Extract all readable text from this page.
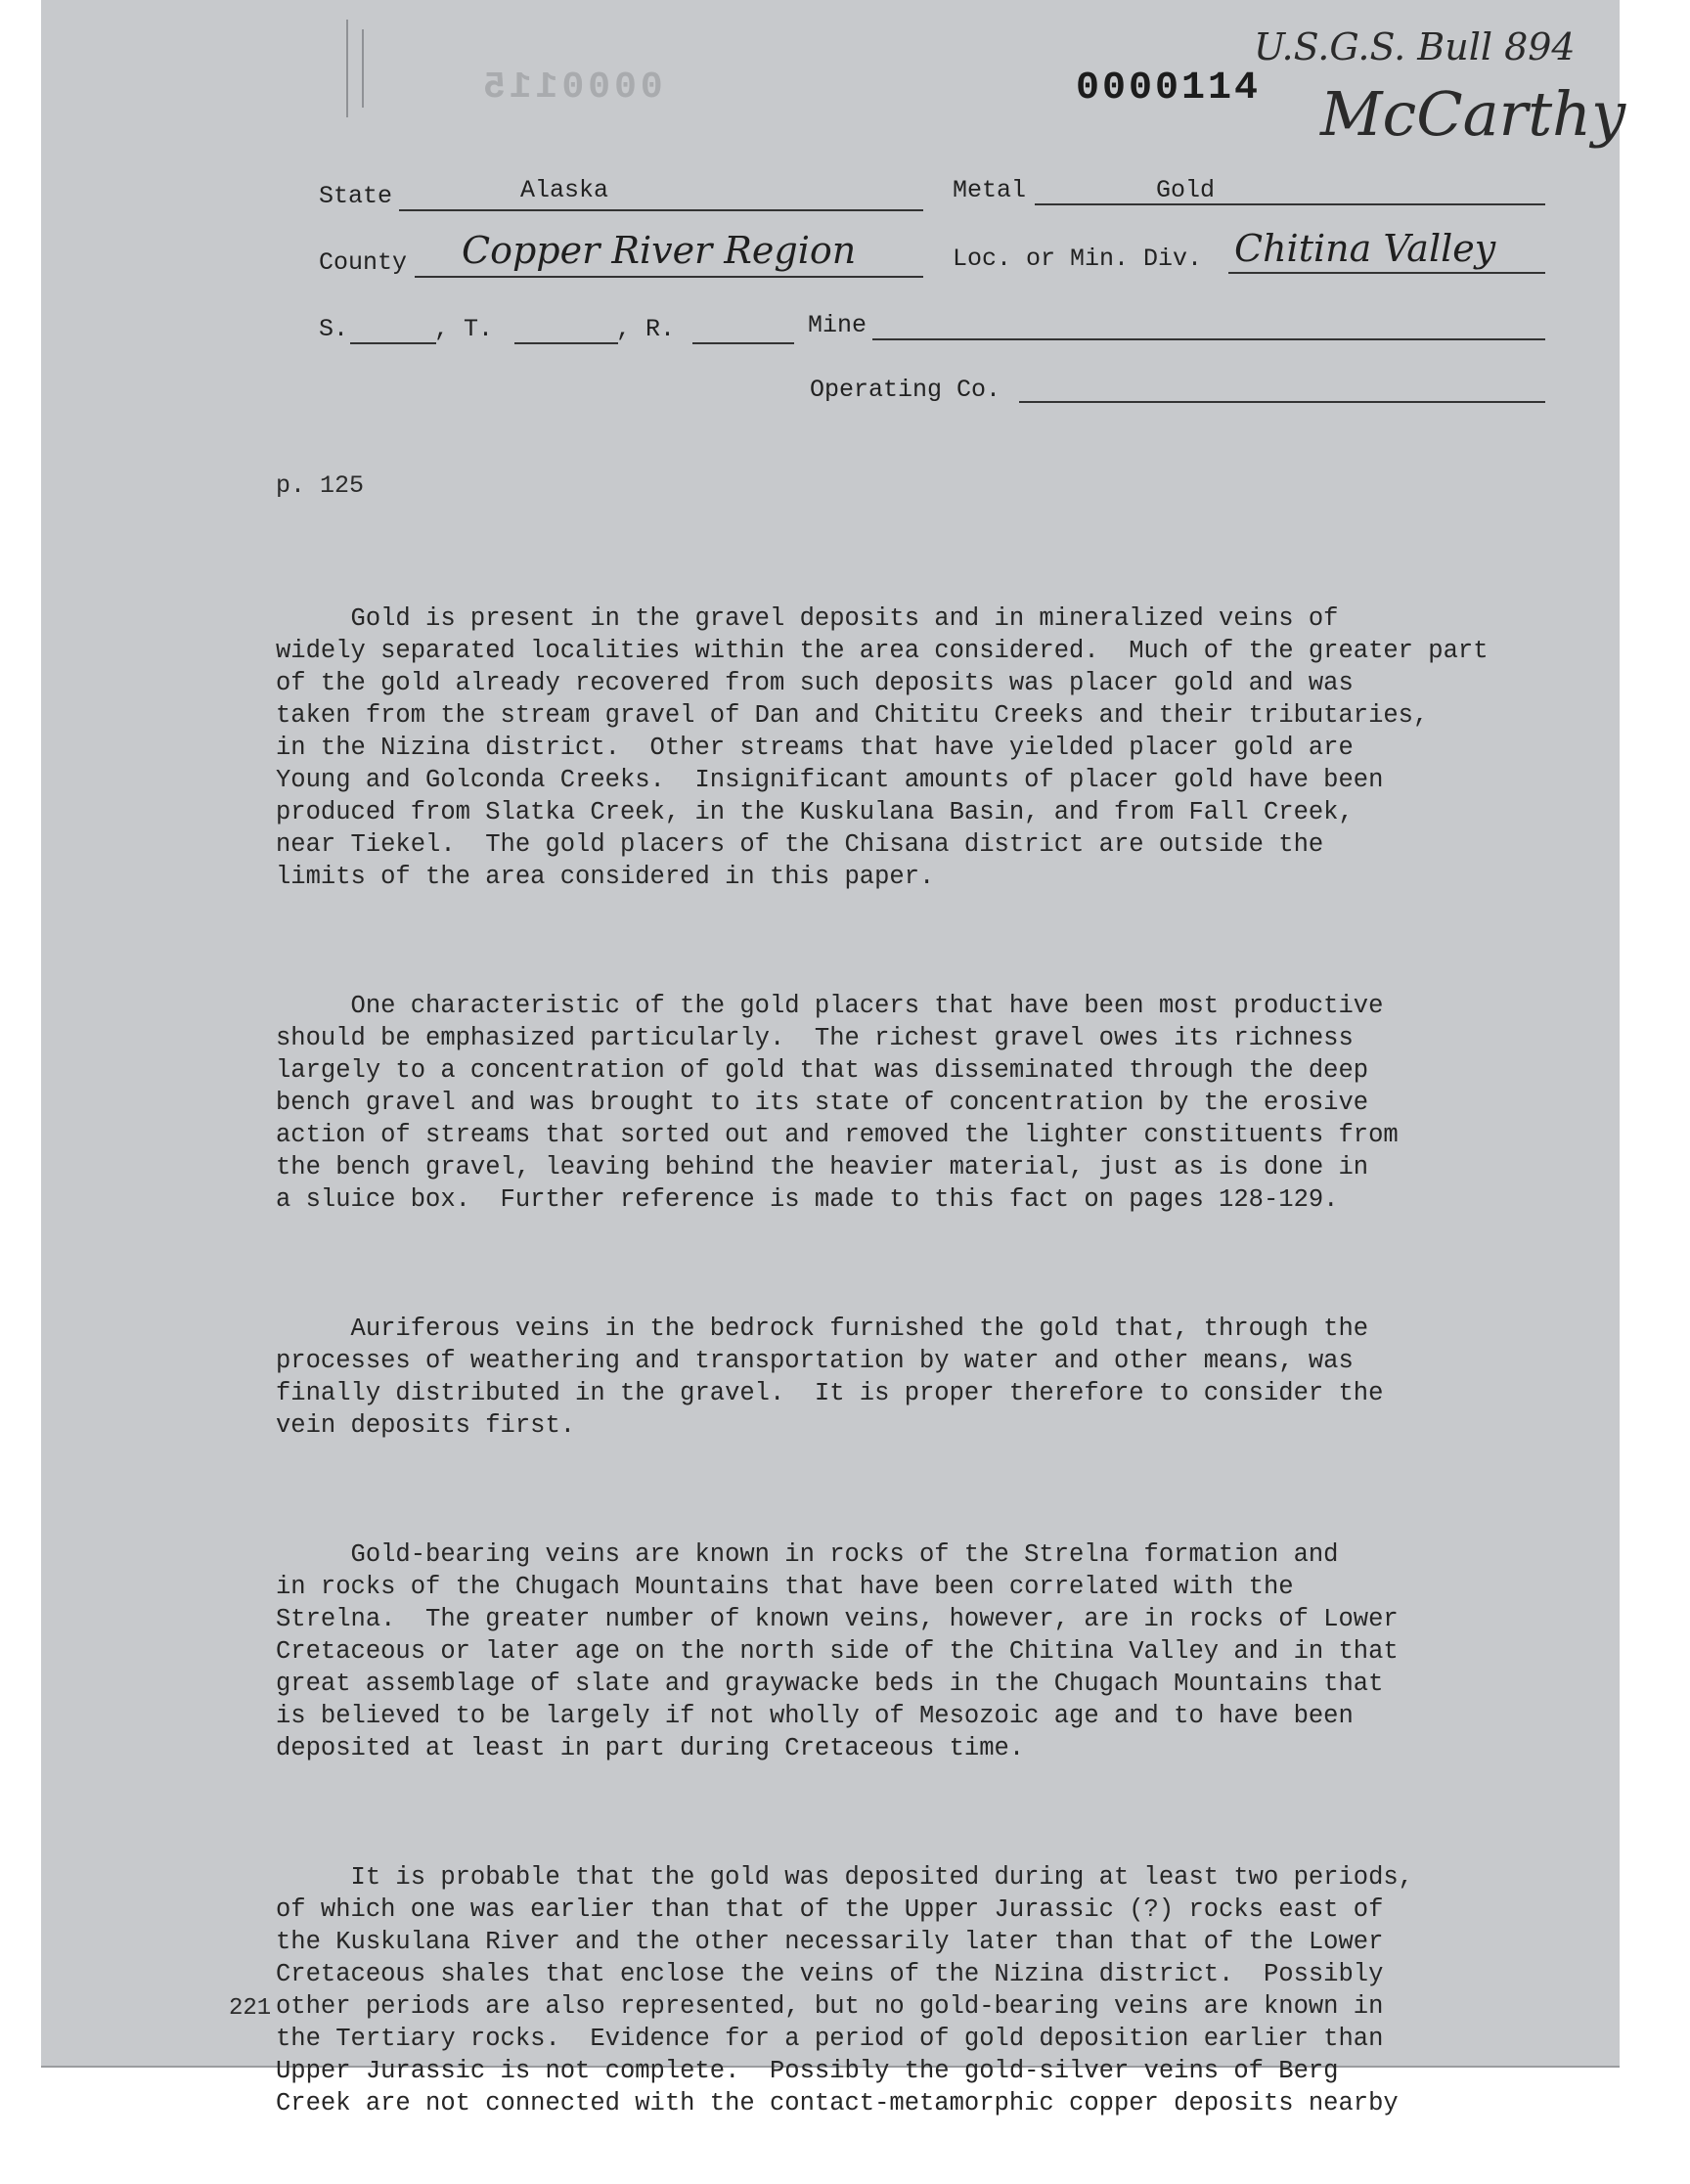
0000115	0000114
U.S.G.S. Bull 894
McCarthy
State	Alaska	Metal	Gold
County Copper River Region	Loc. or Min. Div. Chitina Valley
S.	, T.	, R.	Mine
Operating Co.
p. 125

Gold is present in the gravel deposits and in mineralized veins of
widely separated localities within the area considered.  Much of the greater part
of the gold already recovered from such deposits was placer gold and was
taken from the stream gravel of Dan and Chititu Creeks and their tributaries,
in the Nizina district.  Other streams that have yielded placer gold are
Young and Golconda Creeks.  Insignificant amounts of placer gold have been
produced from Slatka Creek, in the Kuskulana Basin, and from Fall Creek,
near Tiekel.  The gold placers of the Chisana district are outside the
limits of the area considered in this paper.

One characteristic of the gold placers that have been most productive
should be emphasized particularly.  The richest gravel owes its richness
largely to a concentration of gold that was disseminated through the deep
bench gravel and was brought to its state of concentration by the erosive
action of streams that sorted out and removed the lighter constituents from
the bench gravel, leaving behind the heavier material, just as is done in
a sluice box.  Further reference is made to this fact on pages 128-129.

Auriferous veins in the bedrock furnished the gold that, through the
processes of weathering and transportation by water and other means, was
finally distributed in the gravel.  It is proper therefore to consider the
vein deposits first.

Gold-bearing veins are known in rocks of the Strelna formation and
in rocks of the Chugach Mountains that have been correlated with the
Strelna.  The greater number of known veins, however, are in rocks of Lower
Cretaceous or later age on the north side of the Chitina Valley and in that
great assemblage of slate and graywacke beds in the Chugach Mountains that
is believed to be largely if not wholly of Mesozoic age and to have been
deposited at least in part during Cretaceous time.

It is probable that the gold was deposited during at least two periods,
of which one was earlier than that of the Upper Jurassic (?) rocks east of
the Kuskulana River and the other necessarily later than that of the Lower
Cretaceous shales that enclose the veins of the Nizina district.  Possibly
other periods are also represented, but no gold-bearing veins are known in
the Tertiary rocks.  Evidence for a period of gold deposition earlier than
Upper Jurassic is not complete.  Possibly the gold-silver veins of Berg
Creek are not connected with the contact-metamorphic copper deposits nearby

221
